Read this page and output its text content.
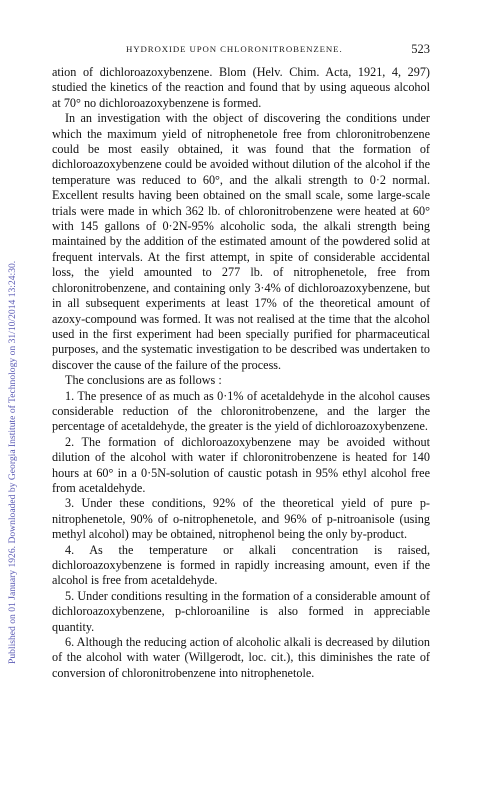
Published on 01 January 1926. Downloaded by Georgia Institute of Technology on 31/10/2014 13:24:30.
HYDROXIDE UPON CHLORONITROBENZENE.	523

ation of dichloroazoxybenzene. Blom (Helv. Chim. Acta, 1921, 4, 297) studied the kinetics of the reaction and found that by using aqueous alcohol at 70° no dichloroazoxybenzene is formed.

In an investigation with the object of discovering the conditions under which the maximum yield of nitrophenetole free from chloronitrobenzene could be most easily obtained, it was found that the formation of dichloroazoxybenzene could be avoided without dilution of the alcohol if the temperature was reduced to 60°, and the alkali strength to 0·2 normal. Excellent results having been obtained on the small scale, some large-scale trials were made in which 362 lb. of chloronitrobenzene were heated at 60° with 145 gallons of 0·2N-95% alcoholic soda, the alkali strength being maintained by the addition of the estimated amount of the powdered solid at frequent intervals. At the first attempt, in spite of considerable accidental loss, the yield amounted to 277 lb. of nitrophenetole, free from chloronitrobenzene, and containing only 3·4% of dichloroazoxybenzene, but in all subsequent experiments at least 17% of the theoretical amount of azoxy-compound was formed. It was not realised at the time that the alcohol used in the first experiment had been specially purified for pharmaceutical purposes, and the systematic investigation to be described was undertaken to discover the cause of the failure of the process.

The conclusions are as follows :

1. The presence of as much as 0·1% of acetaldehyde in the alcohol causes considerable reduction of the chloronitrobenzene, and the larger the percentage of acetaldehyde, the greater is the yield of dichloroazoxybenzene.

2. The formation of dichloroazoxybenzene may be avoided without dilution of the alcohol with water if chloronitrobenzene is heated for 140 hours at 60° in a 0·5N-solution of caustic potash in 95% ethyl alcohol free from acetaldehyde.

3. Under these conditions, 92% of the theoretical yield of pure p-nitrophenetole, 90% of o-nitrophenetole, and 96% of p-nitroanisole (using methyl alcohol) may be obtained, nitrophenol being the only by-product.

4. As the temperature or alkali concentration is raised, dichloroazoxybenzene is formed in rapidly increasing amount, even if the alcohol is free from acetaldehyde.

5. Under conditions resulting in the formation of a considerable amount of dichloroazoxybenzene, p-chloroaniline is also formed in appreciable quantity.

6. Although the reducing action of alcoholic alkali is decreased by dilution of the alcohol with water (Willgerodt, loc. cit.), this diminishes the rate of conversion of chloronitrobenzene into nitrophenetole.
